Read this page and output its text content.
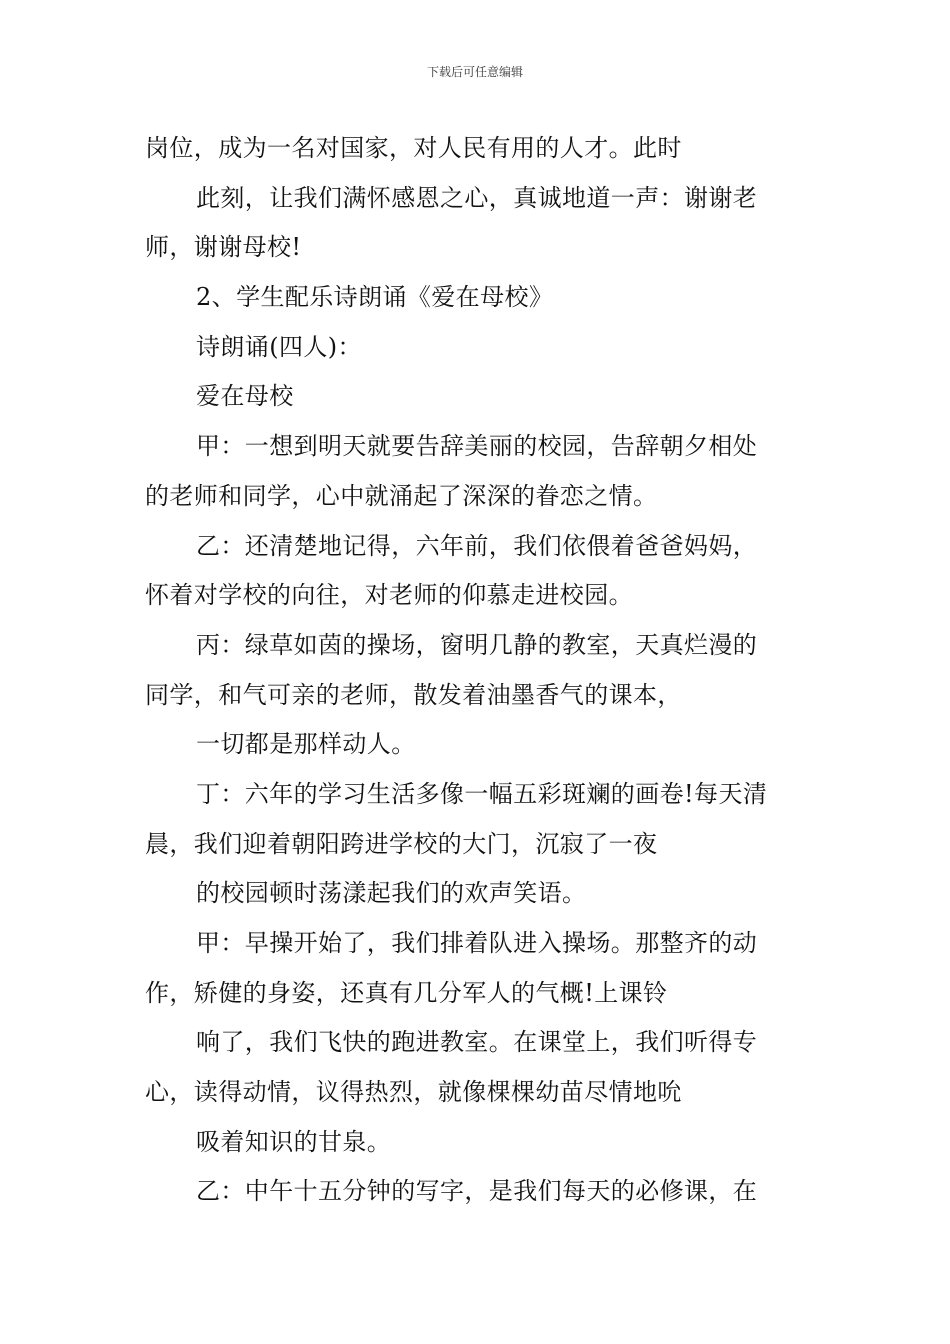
下载后可任意编辑
岗位，成为一名对国家，对人民有用的人才。此时
此刻，让我们满怀感恩之心，真诚地道一声：谢谢老
师，谢谢母校!
2、学生配乐诗朗诵《爱在母校》
诗朗诵(四人)：
爱在母校
甲：一想到明天就要告辞美丽的校园，告辞朝夕相处
的老师和同学，心中就涌起了深深的眷恋之情。
乙：还清楚地记得，六年前，我们依偎着爸爸妈妈，
怀着对学校的向往，对老师的仰慕走进校园。
丙：绿草如茵的操场，窗明几静的教室，天真烂漫的
同学，和气可亲的老师，散发着油墨香气的课本，
一切都是那样动人。
丁：六年的学习生活多像一幅五彩斑斓的画卷!每天清
晨，我们迎着朝阳跨进学校的大门，沉寂了一夜
的校园顿时荡漾起我们的欢声笑语。
甲：早操开始了，我们排着队进入操场。那整齐的动
作，矫健的身姿，还真有几分军人的气概!上课铃
响了，我们飞快的跑进教室。在课堂上，我们听得专
心，读得动情，议得热烈，就像棵棵幼苗尽情地吮
吸着知识的甘泉。
乙：中午十五分钟的写字，是我们每天的必修课，在
